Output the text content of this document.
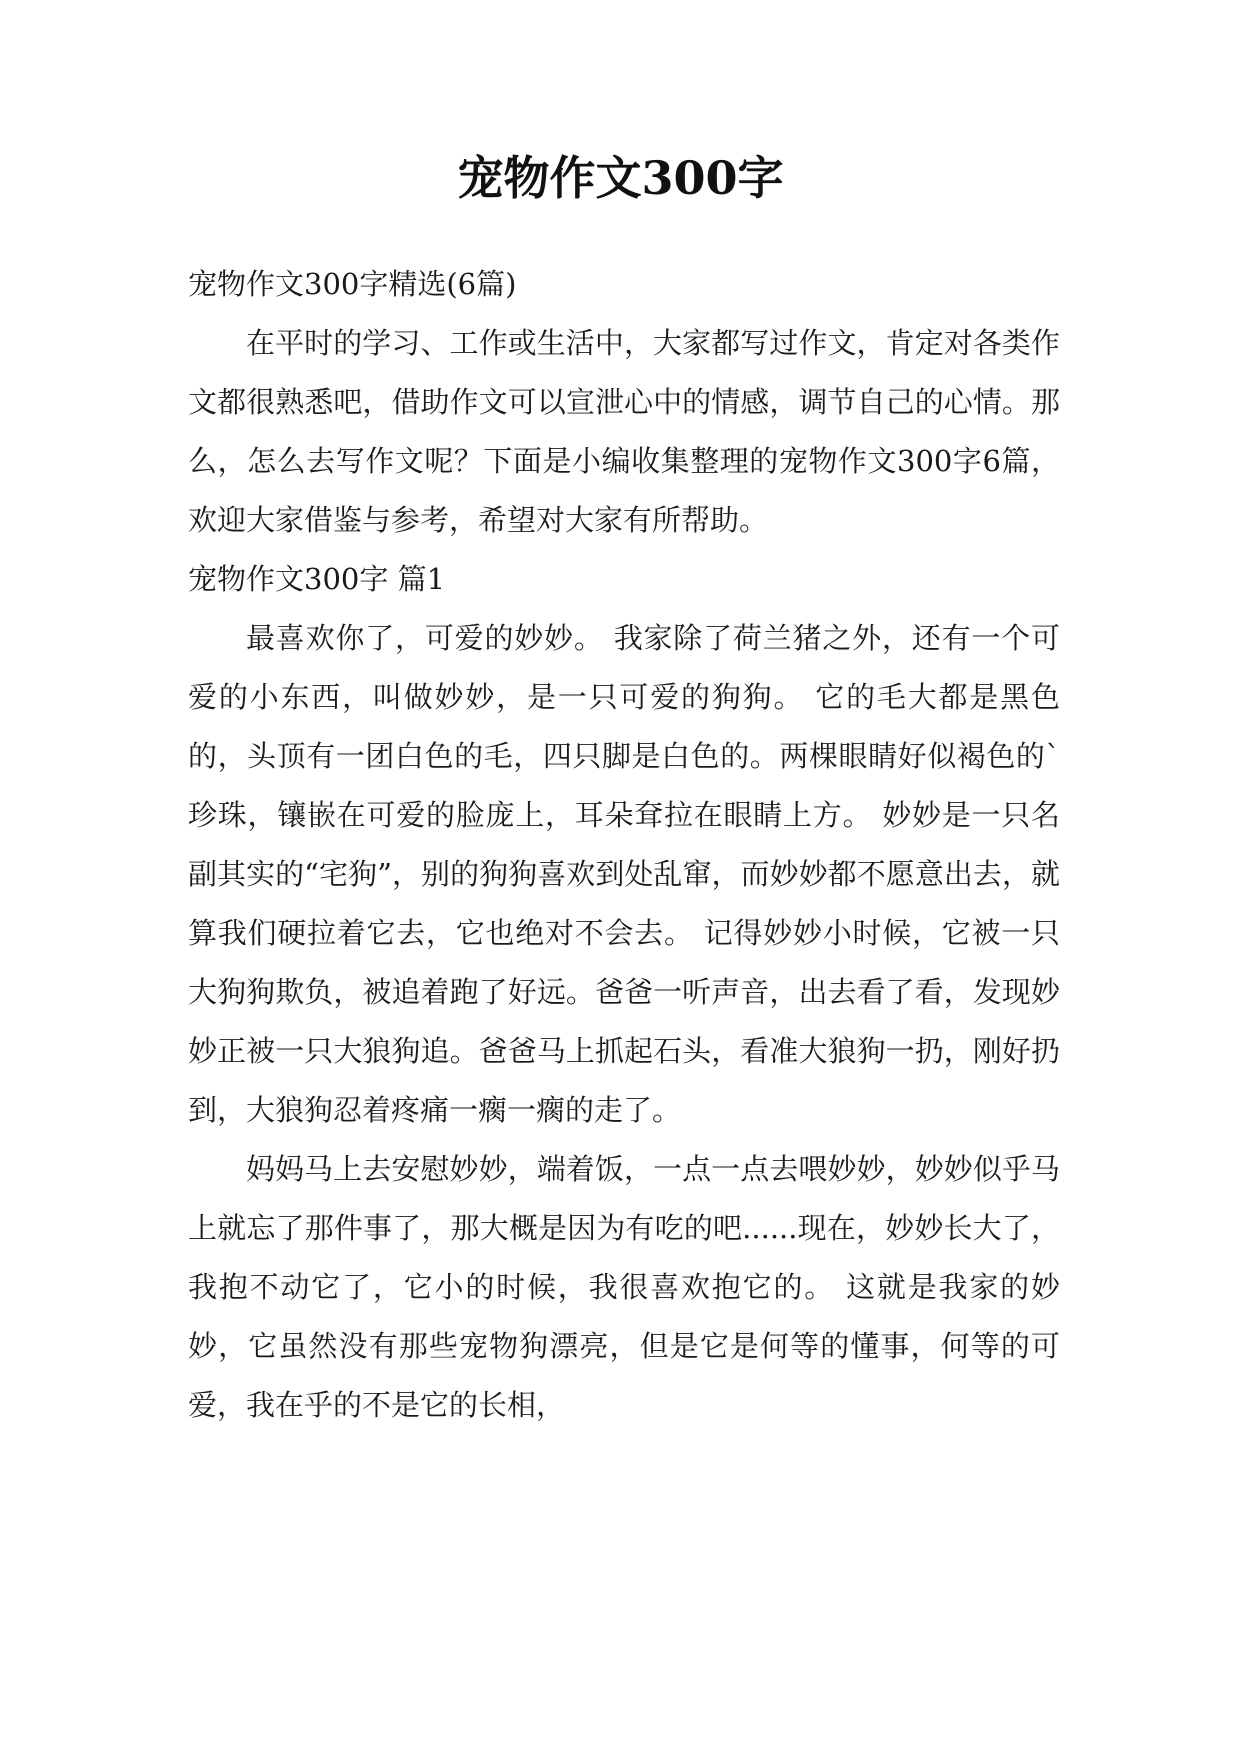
宠物作文300字

宠物作文300字精选(6篇)

在平时的学习、工作或生活中，大家都写过作文，肯定对各类作文都很熟悉吧，借助作文可以宣泄心中的情感，调节自己的心情。那么，怎么去写作文呢？下面是小编收集整理的宠物作文300字6篇，欢迎大家借鉴与参考，希望对大家有所帮助。

宠物作文300字 篇1

最喜欢你了，可爱的妙妙。 我家除了荷兰猪之外，还有一个可爱的小东西，叫做妙妙，是一只可爱的狗狗。 它的毛大都是黑色的，头顶有一团白色的毛，四只脚是白色的。两棵眼睛好似褐色的`珍珠，镶嵌在可爱的脸庞上，耳朵耷拉在眼睛上方。 妙妙是一只名副其实的“宅狗”，别的狗狗喜欢到处乱窜，而妙妙都不愿意出去，就算我们硬拉着它去，它也绝对不会去。 记得妙妙小时候，它被一只大狗狗欺负，被追着跑了好远。爸爸一听声音，出去看了看，发现妙妙正被一只大狼狗追。爸爸马上抓起石头，看准大狼狗一扔，刚好扔到，大狼狗忍着疼痛一瘸一瘸的走了。

妈妈马上去安慰妙妙，端着饭，一点一点去喂妙妙，妙妙似乎马上就忘了那件事了，那大概是因为有吃的吧......现在，妙妙长大了，我抱不动它了，它小的时候，我很喜欢抱它的。 这就是我家的妙妙，它虽然没有那些宠物狗漂亮，但是它是何等的懂事，何等的可爱，我在乎的不是它的长相，
